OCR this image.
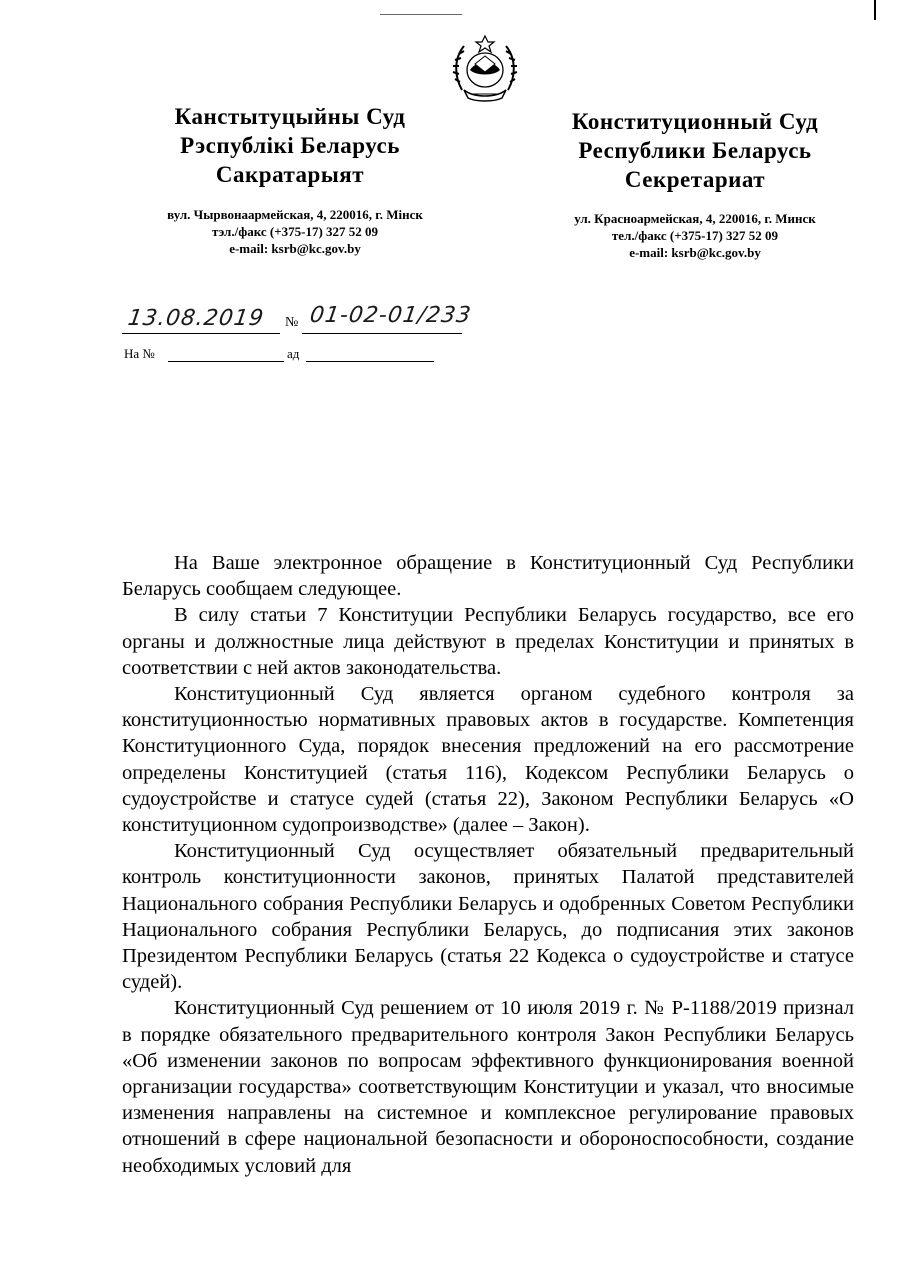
Канстытуцыйны Суд
Рэспублікі Беларусь
Сакратарыят
Конституционный Суд
Республики Беларусь
Секретариат
вул. Чырвонаармейская, 4, 220016, г. Мінск
тэл./факс (+375-17) 327 52 09
e-mail: ksrb@kc.gov.by
ул. Красноармейская, 4, 220016, г. Минск
тел./факс (+375-17) 327 52 09
e-mail: ksrb@kc.gov.by
13.08.2019 № 01-02-01/233
На №	ад

На Ваше электронное обращение в Конституционный Суд Республики Беларусь сообщаем следующее.

В силу статьи 7 Конституции Республики Беларусь государство, все его органы и должностные лица действуют в пределах Конституции и принятых в соответствии с ней актов законодательства.

Конституционный Суд является органом судебного контроля за конституционностью нормативных правовых актов в государстве. Компетенция Конституционного Суда, порядок внесения предложений на его рассмотрение определены Конституцией (статья 116), Кодексом Республики Беларусь о судоустройстве и статусе судей (статья 22), Законом Республики Беларусь «О конституционном судопроизводстве» (далее – Закон).

Конституционный Суд осуществляет обязательный предварительный контроль конституционности законов, принятых Палатой представителей Национального собрания Республики Беларусь и одобренных Советом Республики Национального собрания Республики Беларусь, до подписания этих законов Президентом Республики Беларусь (статья 22 Кодекса о судоустройстве и статусе судей).

Конституционный Суд решением от 10 июля 2019 г. № Р-1188/2019 признал в порядке обязательного предварительного контроля Закон Республики Беларусь «Об изменении законов по вопросам эффективного функционирования военной организации государства» соответствующим Конституции и указал, что вносимые изменения направлены на системное и комплексное регулирование правовых отношений в сфере национальной безопасности и обороноспособности, создание необходимых условий для
